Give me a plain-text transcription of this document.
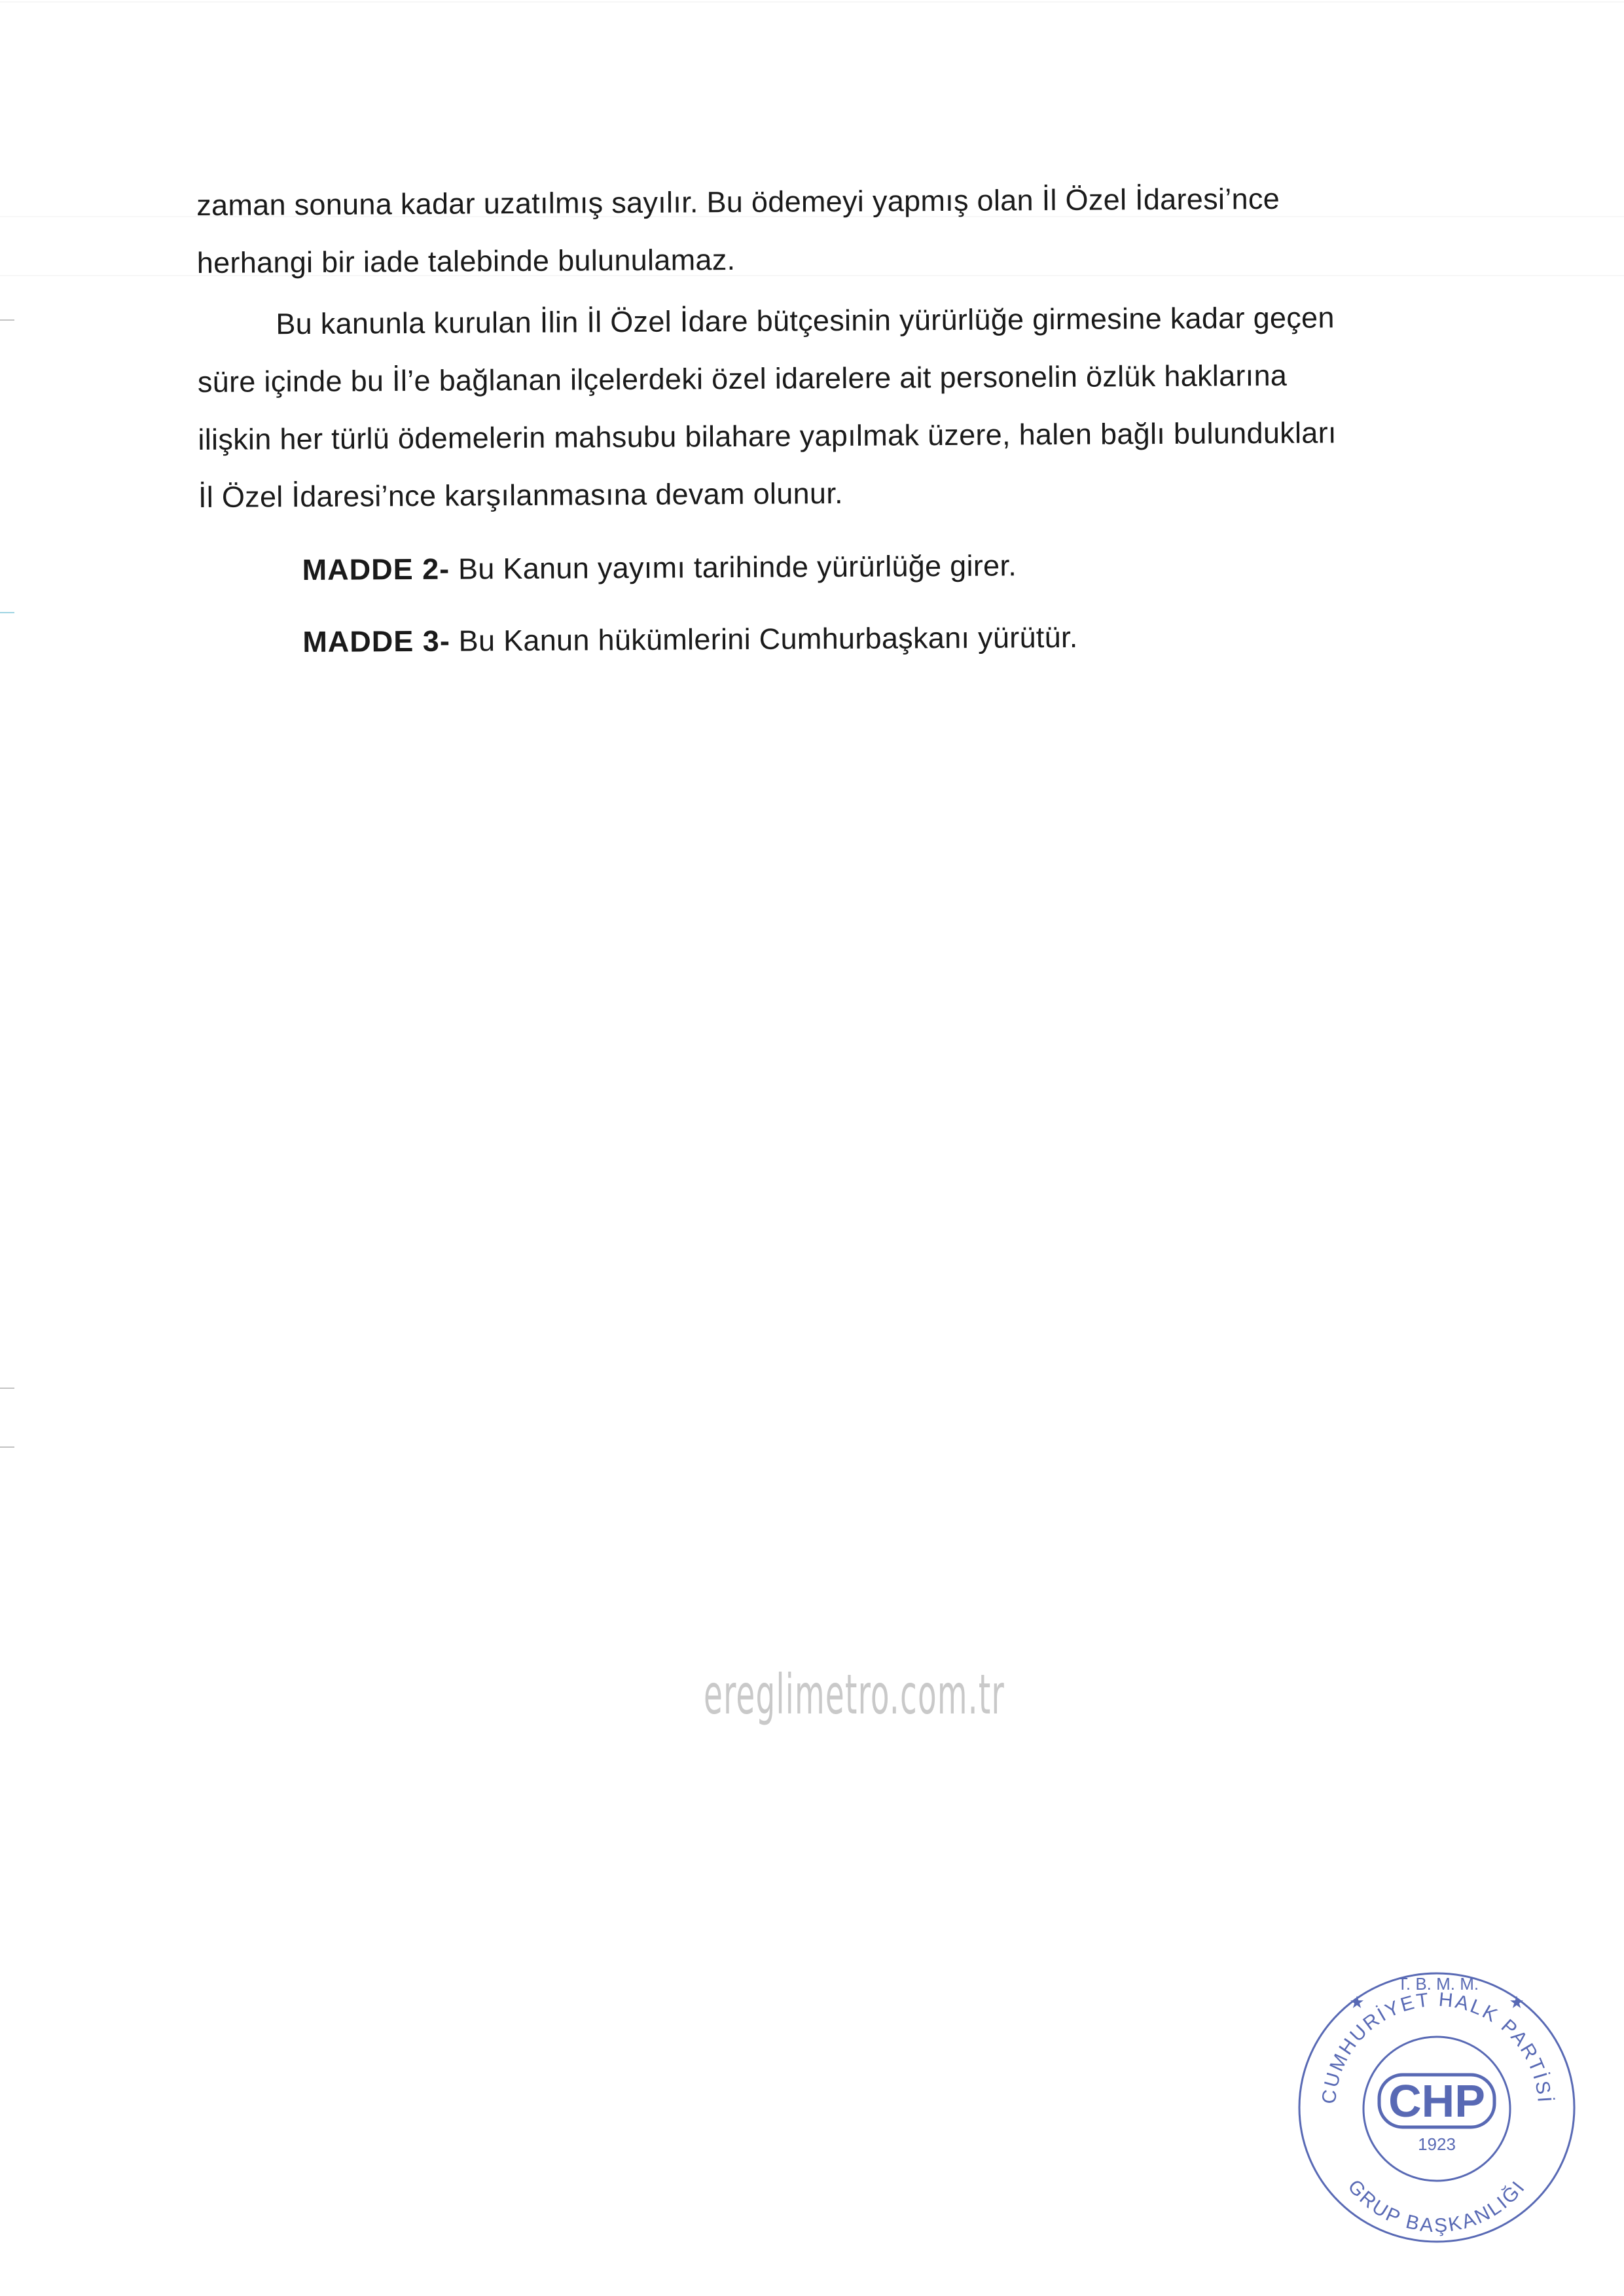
zaman sonuna kadar uzatılmış sayılır. Bu ödemeyi yapmış olan İl Özel İdaresi’nce
herhangi bir iade talebinde bulunulamaz.
Bu kanunla kurulan İlin İl Özel İdare bütçesinin yürürlüğe girmesine kadar geçen
süre içinde bu İl’e bağlanan ilçelerdeki özel idarelere ait personelin özlük haklarına
ilişkin her türlü ödemelerin mahsubu bilahare yapılmak üzere, halen bağlı bulundukları
İl Özel İdaresi’nce karşılanmasına devam olunur.
MADDE 2- Bu Kanun yayımı tarihinde yürürlüğe girer.
MADDE 3- Bu Kanun hükümlerini Cumhurbaşkanı yürütür.
ereglimetro.com.tr
CUMHURİYET HALK PARTİSİ
T. B. M. M.
★	★
CHP
1923
GRUP BAŞKANLIĞI
